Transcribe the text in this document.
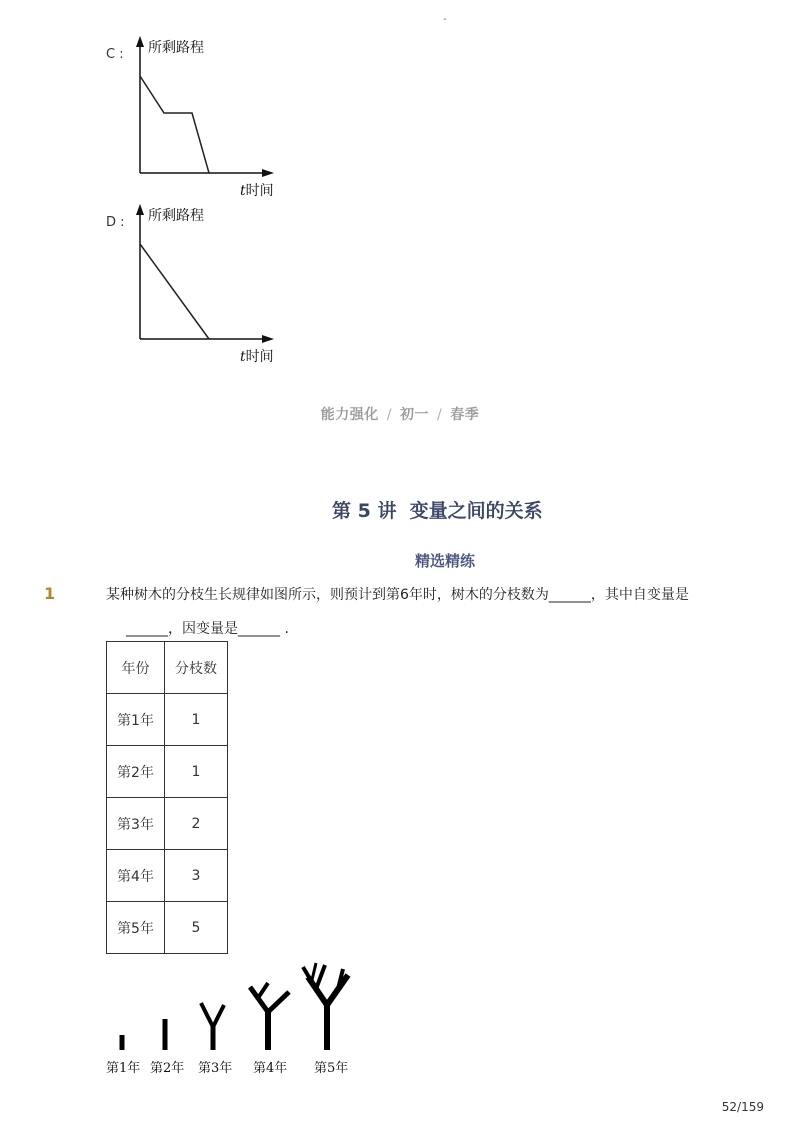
-
C : 所剩路程
t时间
D : 所剩路程
t时间
能力强化 / 初一 / 春季
第 5 讲  变量之间的关系
精选精练
1	某种树木的分枝生长规律如图所示，则预计到第6年时，树木的分枝数为______，其中自变量是
______，因变量是______ .
年份	分枝数
第1年	1
第2年	1
第3年	2
第4年	3
第5年	5
第1年 第2年 第3年 第4年 第5年
52/159
